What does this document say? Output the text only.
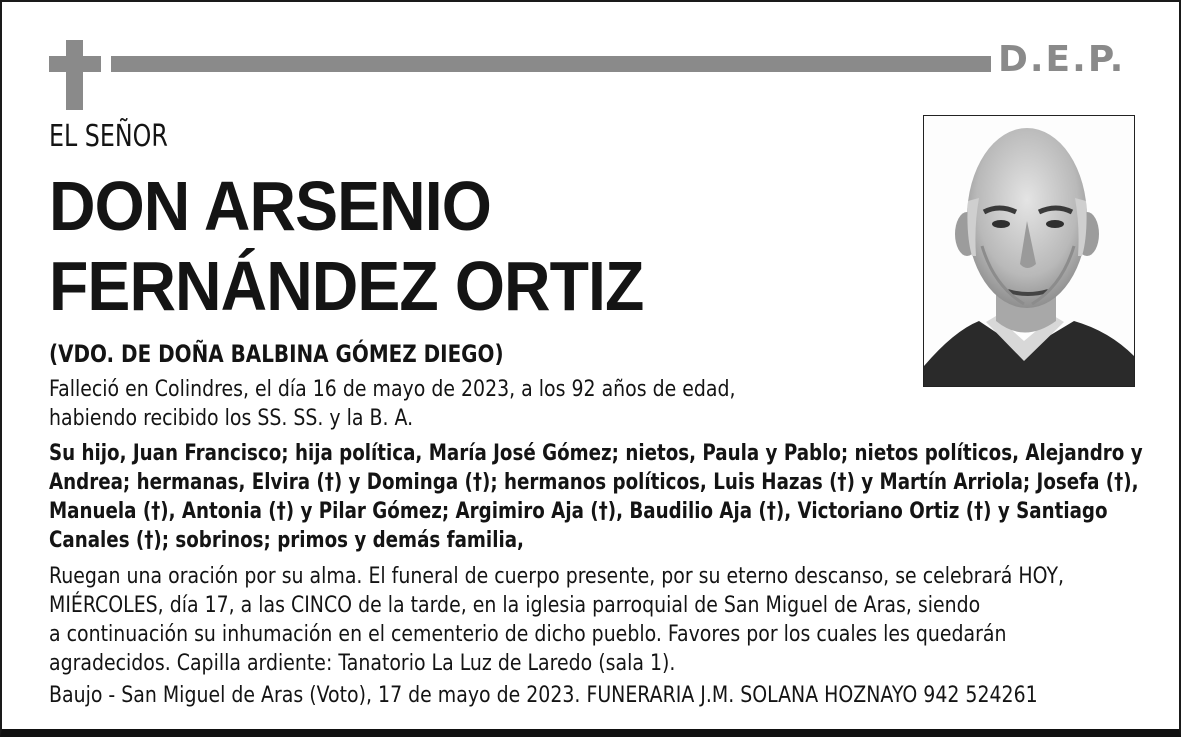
D.E.P.
EL SEÑOR
DON ARSENIO
FERNÁNDEZ ORTIZ
(VDO. DE DOÑA BALBINA GÓMEZ DIEGO)
Falleció en Colindres, el día 16 de mayo de 2023, a los 92 años de edad,
habiendo recibido los SS. SS. y la B. A.
Su hijo, Juan Francisco; hija política, María José Gómez; nietos, Paula y Pablo; nietos políticos, Alejandro y
Andrea; hermanas, Elvira (†) y Dominga (†); hermanos políticos, Luis Hazas (†) y Martín Arriola; Josefa (†),
Manuela (†), Antonia (†) y Pilar Gómez; Argimiro Aja (†), Baudilio Aja (†), Victoriano Ortiz (†) y Santiago
Canales (†); sobrinos; primos y demás familia,
Ruegan una oración por su alma. El funeral de cuerpo presente, por su eterno descanso, se celebrará HOY,
MIÉRCOLES, día 17, a las CINCO de la tarde, en la iglesia parroquial de San Miguel de Aras, siendo
a continuación su inhumación en el cementerio de dicho pueblo. Favores por los cuales les quedarán
agradecidos. Capilla ardiente: Tanatorio La Luz de Laredo (sala 1).
Baujo - San Miguel de Aras (Voto), 17 de mayo de 2023. FUNERARIA J.M. SOLANA HOZNAYO 942 524261
